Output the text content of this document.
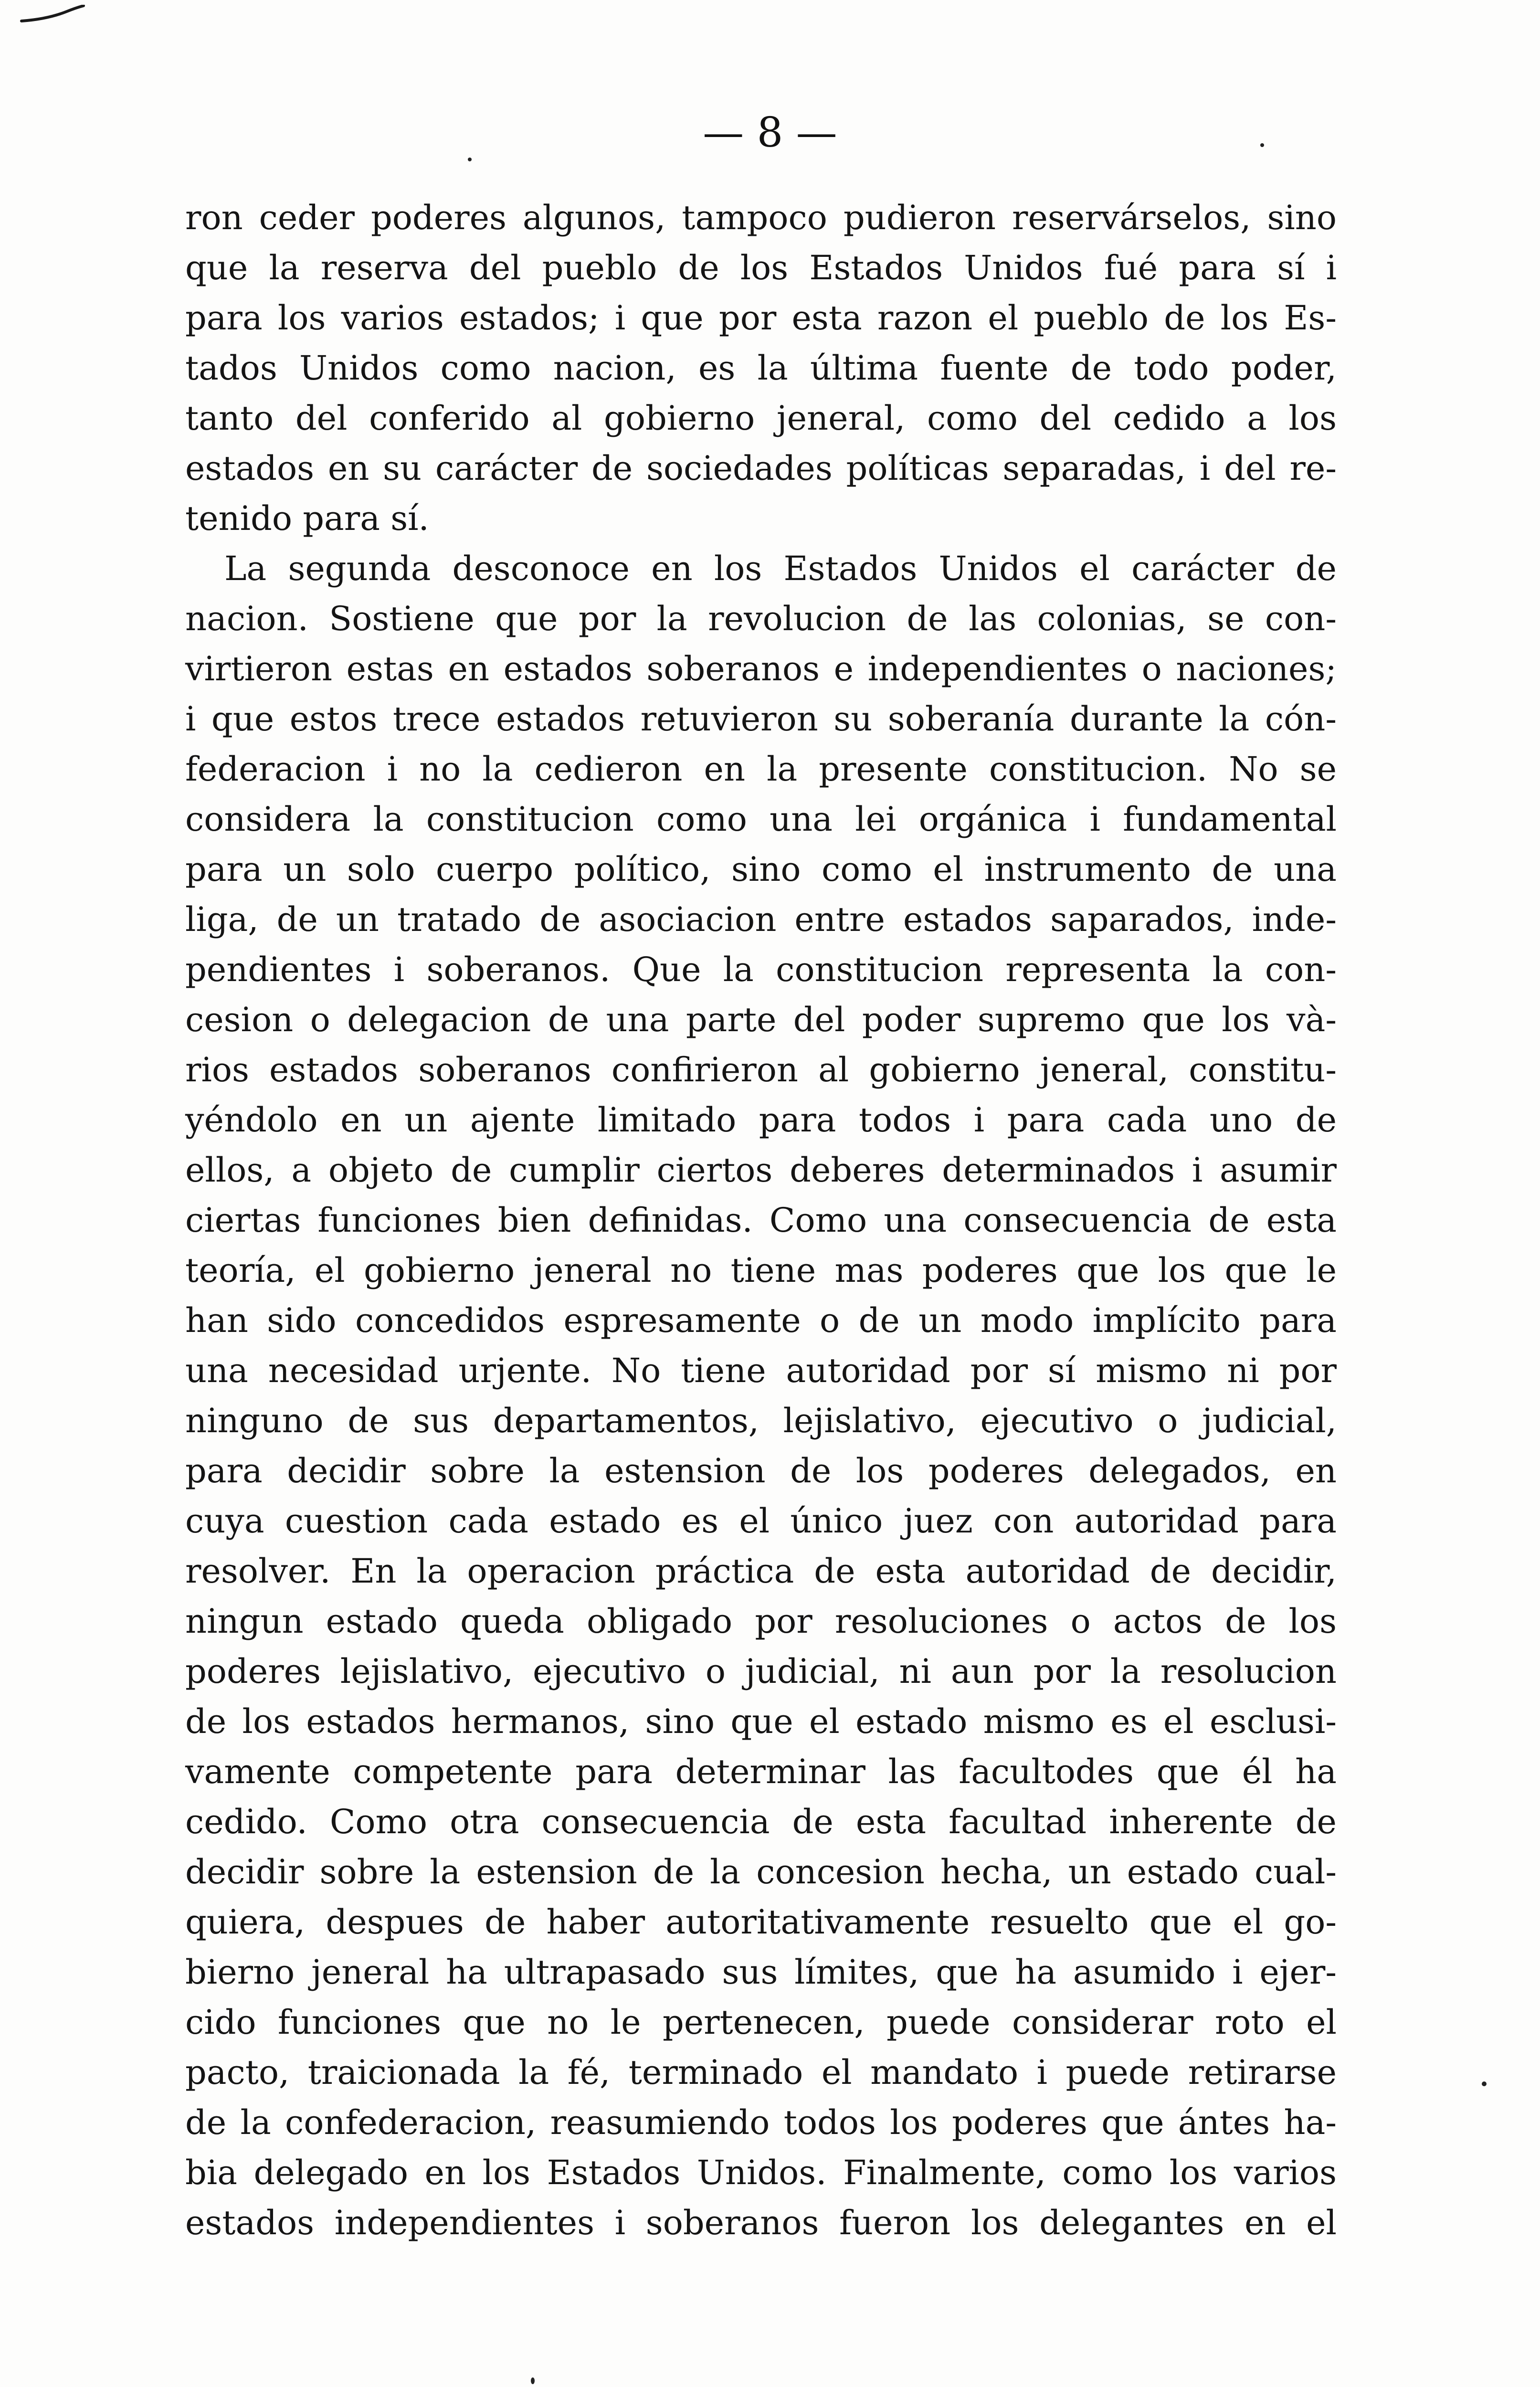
— 8 —
ron ceder poderes algunos, tampoco pudieron reservárselos, sino
que la reserva del pueblo de los Estados Unidos fué para sí i
para los varios estados; i que por esta razon el pueblo de los Es-
tados Unidos como nacion, es la última fuente de todo poder,
tanto del conferido al gobierno jeneral, como del cedido a los
estados en su carácter de sociedades políticas separadas, i del re-
tenido para sí.
La segunda desconoce en los Estados Unidos el carácter de
nacion. Sostiene que por la revolucion de las colonias, se con-
virtieron estas en estados soberanos e independientes o naciones;
i que estos trece estados retuvieron su soberanía durante la cón-
federacion i no la cedieron en la presente constitucion. No se
considera la constitucion como una lei orgánica i fundamental
para un solo cuerpo político, sino como el instrumento de una
liga, de un tratado de asociacion entre estados saparados, inde-
pendientes i soberanos. Que la constitucion representa la con-
cesion o delegacion de una parte del poder supremo que los và-
rios estados soberanos confirieron al gobierno jeneral, constitu-
yéndolo en un ajente limitado para todos i para cada uno de
ellos, a objeto de cumplir ciertos deberes determinados i asumir
ciertas funciones bien definidas. Como una consecuencia de esta
teoría, el gobierno jeneral no tiene mas poderes que los que le
han sido concedidos espresamente o de un modo implícito para
una necesidad urjente. No tiene autoridad por sí mismo ni por
ninguno de sus departamentos, lejislativo, ejecutivo o judicial,
para decidir sobre la estension de los poderes delegados, en
cuya cuestion cada estado es el único juez con autoridad para
resolver. En la operacion práctica de esta autoridad de decidir,
ningun estado queda obligado por resoluciones o actos de los
poderes lejislativo, ejecutivo o judicial, ni aun por la resolucion
de los estados hermanos, sino que el estado mismo es el esclusi-
vamente competente para determinar las facultodes que él ha
cedido. Como otra consecuencia de esta facultad inherente de
decidir sobre la estension de la concesion hecha, un estado cual-
quiera, despues de haber autoritativamente resuelto que el go-
bierno jeneral ha ultrapasado sus límites, que ha asumido i ejer-
cido funciones que no le pertenecen, puede considerar roto el
pacto, traicionada la fé, terminado el mandato i puede retirarse
de la confederacion, reasumiendo todos los poderes que ántes ha-
bia delegado en los Estados Unidos. Finalmente, como los varios
estados independientes i soberanos fueron los delegantes en el
